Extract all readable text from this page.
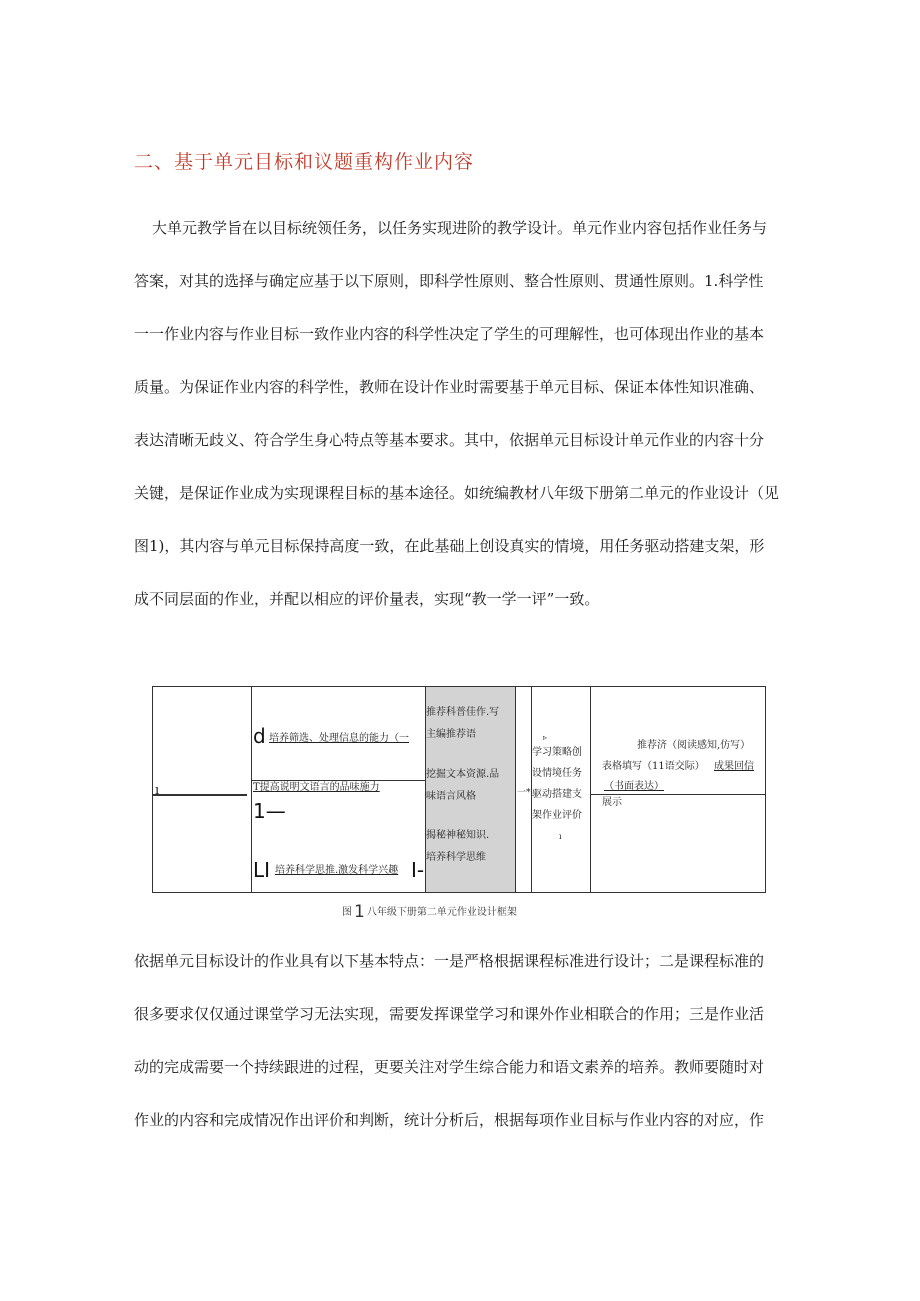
二、基于单元目标和议题重构作业内容
大单元教学旨在以目标统领任务，以任务实现进阶的教学设计。单元作业内容包括作业任务与
答案，对其的选择与确定应基于以下原则，即科学性原则、整合性原则、贯通性原则。1.科学性
一一作业内容与作业目标一致作业内容的科学性决定了学生的可理解性，也可体现出作业的基本
质量。为保证作业内容的科学性，教师在设计作业时需要基于单元目标、保证本体性知识准确、
表达清晰无歧义、符合学生身心特点等基本要求。其中，依据单元目标设计单元作业的内容十分
关键，是保证作业成为实现课程目标的基本途径。如统编教材八年级下册第二单元的作业设计（见
图1)，其内容与单元目标保持高度一致，在此基础上创设真实的情境，用任务驱动搭建支架，形
成不同层面的作业，并配以相应的评价量表，实现“教一学一评”一致。
ı
d 培养筛选、处理信息的能力（一
T提高说明文语言的品味施力
1—
LI 培养科学思推.激发科学兴趣 I-
推荐科普佳作.写
主编推荐语
挖掘文本资源.品
味语言风格
揭秘神秘知识.
培养科学思维
一*
▹
学习策略创
设情境任务
驱动搭建支
架作业评价
ı
推荐济（阅读感知,仿写）
表格填写（11语交际） 成果回信
（书面表达）
展示
图 1 八年级下册第二单元作业设计框架
依据单元目标设计的作业具有以下基本特点：一是严格根据课程标准进行设计；二是课程标准的
很多要求仅仅通过课堂学习无法实现，需要发挥课堂学习和课外作业相联合的作用；三是作业活
动的完成需要一个持续跟进的过程，更要关注对学生综合能力和语文素养的培养。教师要随时对
作业的内容和完成情况作出评价和判断，统计分析后，根据每项作业目标与作业内容的对应，作
